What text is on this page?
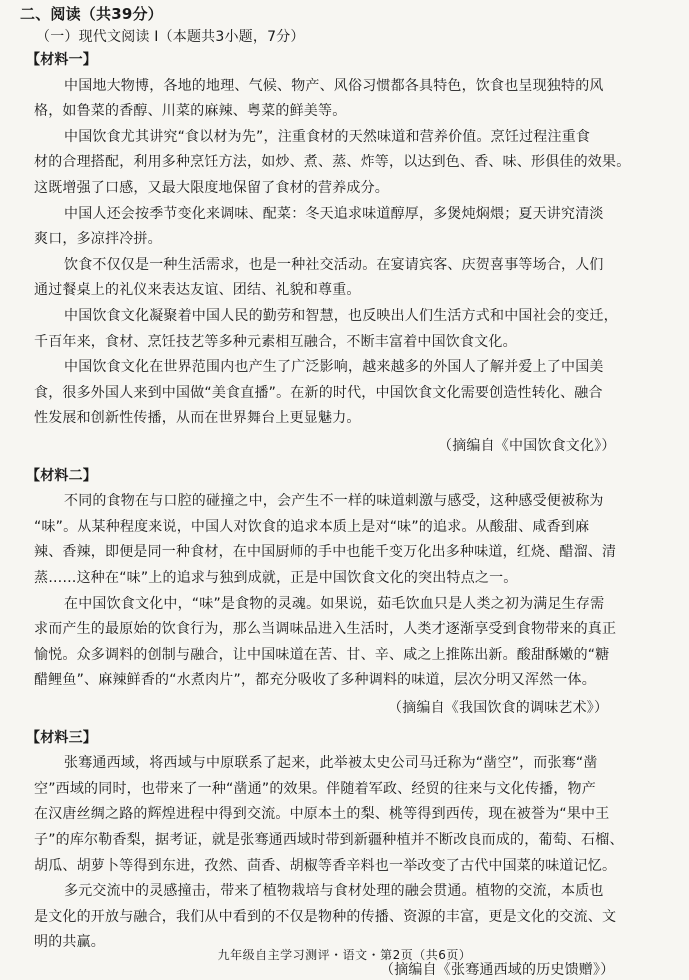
二、阅读（共39分）
（一）现代文阅读 I（本题共3小题，7分）
【材料一】
中国地大物博，各地的地理、气候、物产、风俗习惯都各具特色，饮食也呈现独特的风
格，如鲁菜的香醇、川菜的麻辣、粤菜的鲜美等。
中国饮食尤其讲究“食以材为先”，注重食材的天然味道和营养价值。烹饪过程注重食
材的合理搭配，利用多种烹饪方法，如炒、煮、蒸、炸等，以达到色、香、味、形俱佳的效果。
这既增强了口感，又最大限度地保留了食材的营养成分。
中国人还会按季节变化来调味、配菜：冬天追求味道醇厚，多煲炖焖煨；夏天讲究清淡
爽口，多凉拌冷拼。
饮食不仅仅是一种生活需求，也是一种社交活动。在宴请宾客、庆贺喜事等场合，人们
通过餐桌上的礼仪来表达友谊、团结、礼貌和尊重。
中国饮食文化凝聚着中国人民的勤劳和智慧，也反映出人们生活方式和中国社会的变迁，
千百年来，食材、烹饪技艺等多种元素相互融合，不断丰富着中国饮食文化。
中国饮食文化在世界范围内也产生了广泛影响，越来越多的外国人了解并爱上了中国美
食，很多外国人来到中国做“美食直播”。在新的时代，中国饮食文化需要创造性转化、融合
性发展和创新性传播，从而在世界舞台上更显魅力。
（摘编自《中国饮食文化》）
【材料二】
不同的食物在与口腔的碰撞之中，会产生不一样的味道刺激与感受，这种感受便被称为
“味”。从某种程度来说，中国人对饮食的追求本质上是对“味”的追求。从酸甜、咸香到麻
辣、香辣，即便是同一种食材，在中国厨师的手中也能千变万化出多种味道，红烧、醋溜、清
蒸……这种在“味”上的追求与独到成就，正是中国饮食文化的突出特点之一。
在中国饮食文化中，“味”是食物的灵魂。如果说，茹毛饮血只是人类之初为满足生存需
求而产生的最原始的饮食行为，那么当调味品进入生活时，人类才逐渐享受到食物带来的真正
愉悦。众多调料的创制与融合，让中国味道在苦、甘、辛、咸之上推陈出新。酸甜酥嫩的“糖
醋鲤鱼”、麻辣鲜香的“水煮肉片”，都充分吸收了多种调料的味道，层次分明又浑然一体。
（摘编自《我国饮食的调味艺术》）
【材料三】
张骞通西域，将西域与中原联系了起来，此举被太史公司马迁称为“凿空”，而张骞“凿
空”西域的同时，也带来了一种“凿通”的效果。伴随着军政、经贸的往来与文化传播，物产
在汉唐丝绸之路的辉煌进程中得到交流。中原本土的梨、桃等得到西传，现在被誉为“果中王
子”的库尔勒香梨，据考证，就是张骞通西域时带到新疆种植并不断改良而成的，葡萄、石榴、
胡瓜、胡萝卜等得到东进，孜然、茴香、胡椒等香辛料也一举改变了古代中国菜的味道记忆。
多元交流中的灵感撞击，带来了植物栽培与食材处理的融会贯通。植物的交流，本质也
是文化的开放与融合，我们从中看到的不仅是物种的传播、资源的丰富，更是文化的交流、文
明的共赢。
（摘编自《张骞通西域的历史馈赠》）
九年级自主学习测评・语文・第2页（共6页）
